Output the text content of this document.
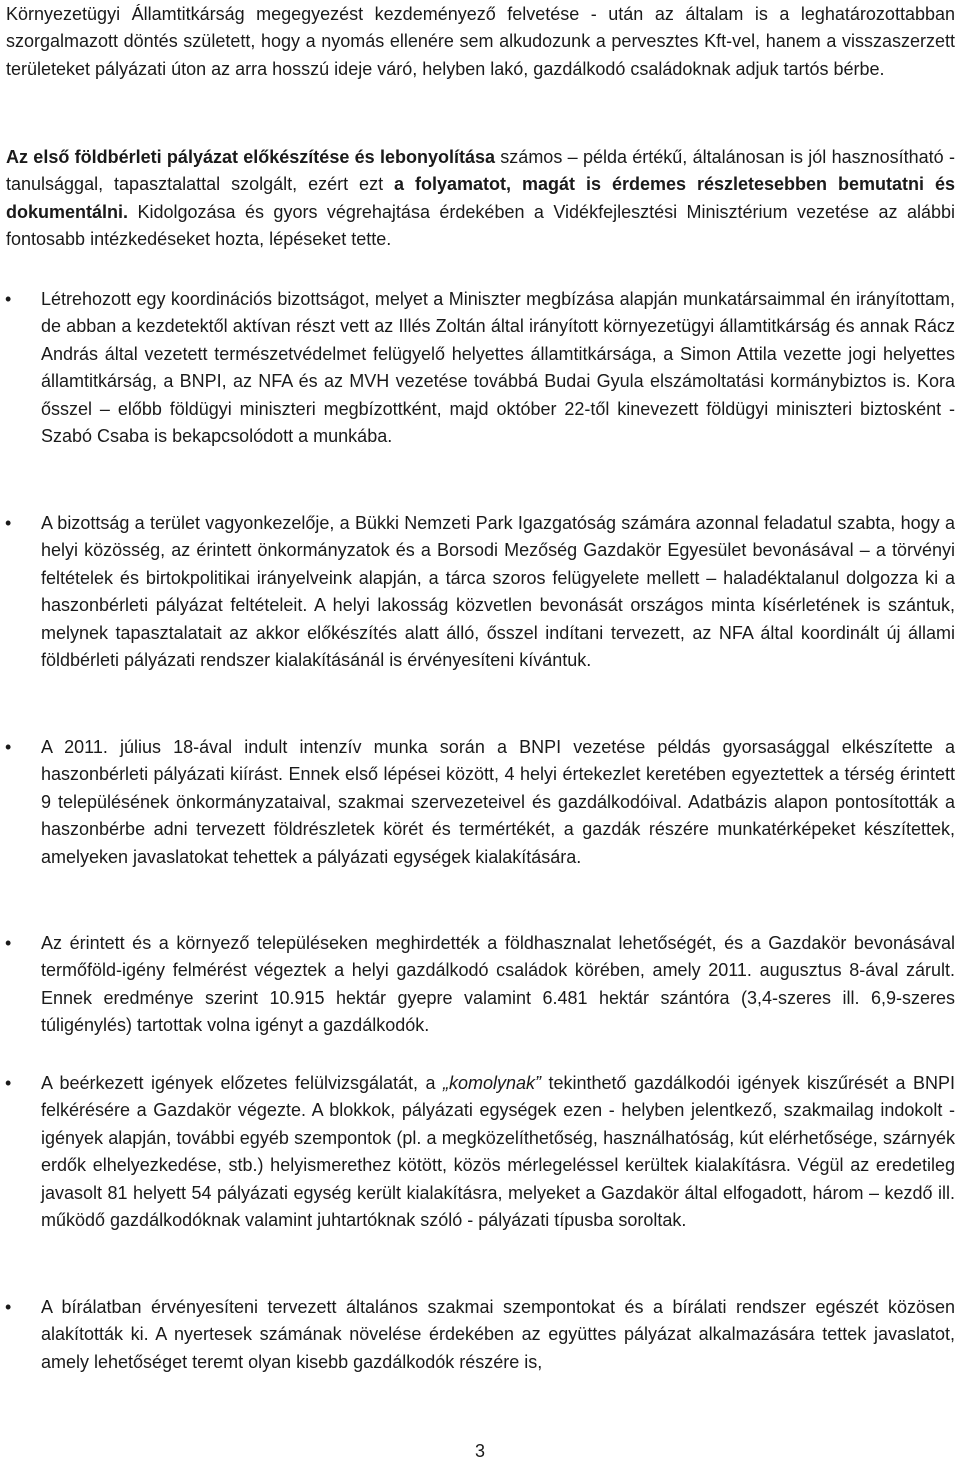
Környezetügyi Államtitkárság megegyezést kezdeményező felvetése - után az általam is a leghatározottabban szorgalmazott döntés született, hogy a nyomás ellenére sem alkudozunk a pervesztes Kft-vel, hanem a visszaszerzett területeket pályázati úton az arra hosszú ideje váró, helyben lakó, gazdálkodó családoknak adjuk tartós bérbe.

Az első földbérleti pályázat előkészítése és lebonyolítása számos – példa értékű, általánosan is jól hasznosítható - tanulsággal, tapasztalattal szolgált, ezért ezt a folyamatot, magát is érdemes részletesebben bemutatni és dokumentálni. Kidolgozása és gyors végrehajtása érdekében a Vidékfejlesztési Minisztérium vezetése az alábbi fontosabb intézkedéseket hozta, lépéseket tette.

• Létrehozott egy koordinációs bizottságot, melyet a Miniszter megbízása alapján munkatársaimmal én irányítottam, de abban a kezdetektől aktívan részt vett az Illés Zoltán által irányított környezetügyi államtitkárság és annak Rácz András által vezetett természetvédelmet felügyelő helyettes államtitkársága, a Simon Attila vezette jogi helyettes államtitkárság, a BNPI, az NFA és az MVH vezetése továbbá Budai Gyula elszámoltatási kormánybiztos is. Kora ősszel – előbb földügyi miniszteri megbízottként, majd október 22-től kinevezett földügyi miniszteri biztosként - Szabó Csaba is bekapcsolódott a munkába.

• A bizottság a terület vagyonkezelője, a Bükki Nemzeti Park Igazgatóság számára azonnal feladatul szabta, hogy a helyi közösség, az érintett önkormányzatok és a Borsodi Mezőség Gazdakör Egyesület bevonásával – a törvényi feltételek és birtokpolitikai irányelveink alapján, a tárca szoros felügyelete mellett – haladéktalanul dolgozza ki a haszonbérleti pályázat feltételeit. A helyi lakosság közvetlen bevonását országos minta kísérletének is szántuk, melynek tapasztalatait az akkor előkészítés alatt álló, ősszel indítani tervezett, az NFA által koordinált új állami földbérleti pályázati rendszer kialakításánál is érvényesíteni kívántuk.

• A 2011. július 18-ával indult intenzív munka során a BNPI vezetése példás gyorsasággal elkészítette a haszonbérleti pályázati kiírást. Ennek első lépései között, 4 helyi értekezlet keretében egyeztettek a térség érintett 9 településének önkormányzataival, szakmai szervezeteivel és gazdálkodóival. Adatbázis alapon pontosították a haszonbérbe adni tervezett földrészletek körét és termértékét, a gazdák részére munkatérképeket készítettek, amelyeken javaslatokat tehettek a pályázati egységek kialakítására.

• Az érintett és a környező településeken meghirdették a földhasznalat lehetőségét, és a Gazdakör bevonásával termőföld-igény felmérést végeztek a helyi gazdálkodó családok körében, amely 2011. augusztus 8-ával zárult. Ennek eredménye szerint 10.915 hektár gyepre valamint 6.481 hektár szántóra (3,4-szeres ill. 6,9-szeres túligénylés) tartottak volna igényt a gazdálkodók.

• A beérkezett igények előzetes felülvizsgálatát, a „komolynak” tekinthető gazdálkodói igények kiszűrését a BNPI felkérésére a Gazdakör végezte. A blokkok, pályázati egységek ezen - helyben jelentkező, szakmailag indokolt - igények alapján, további egyéb szempontok (pl. a megközelíthetőség, használhatóság, kút elérhetősége, szárnyék erdők elhelyezkedése, stb.) helyismerethez kötött, közös mérlegeléssel kerültek kialakításra. Végül az eredetileg javasolt 81 helyett 54 pályázati egység került kialakításra, melyeket a Gazdakör által elfogadott, három – kezdő ill. működő gazdálkodóknak valamint juhtartóknak szóló - pályázati típusba soroltak.

• A bírálatban érvényesíteni tervezett általános szakmai szempontokat és a bírálati rendszer egészét közösen alakították ki. A nyertesek számának növelése érdekében az együttes pályázat alkalmazására tettek javaslatot, amely lehetőséget teremt olyan kisebb gazdálkodók részére is,

3
